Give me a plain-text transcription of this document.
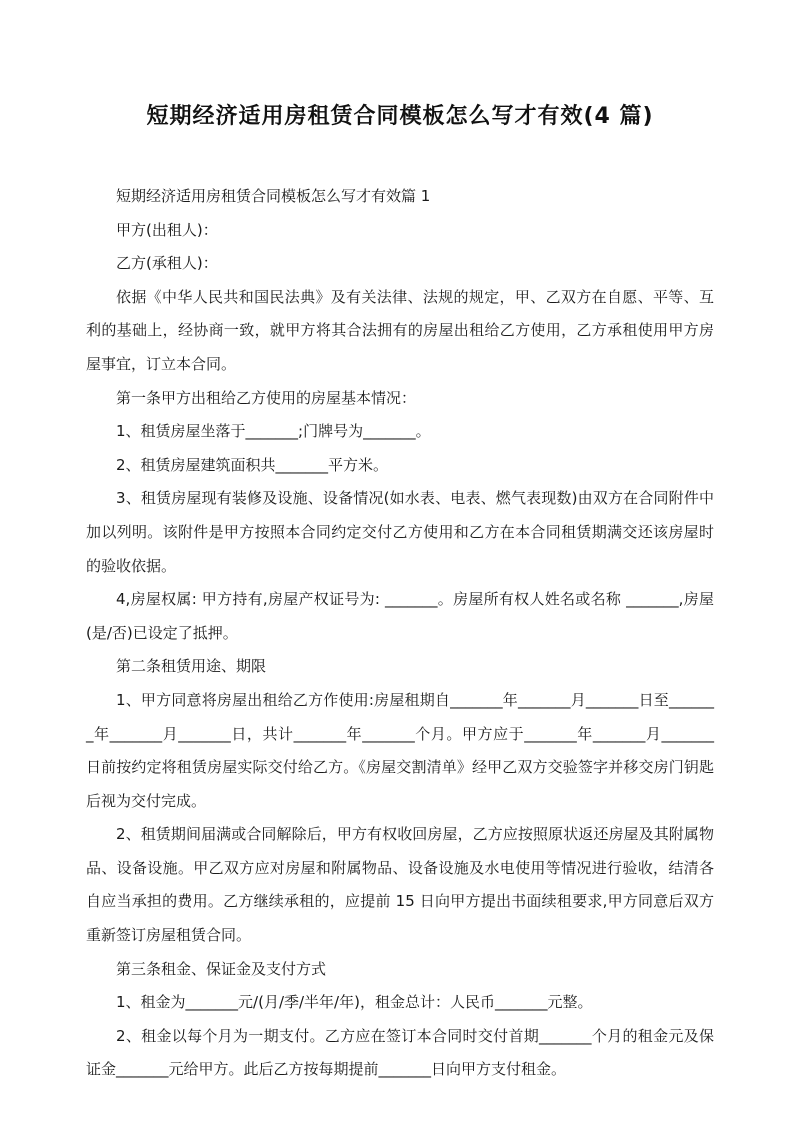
短期经济适用房租赁合同模板怎么写才有效(4 篇)

短期经济适用房租赁合同模板怎么写才有效篇 1

甲方(出租人)：

乙方(承租人)：

依据《中华人民共和国民法典》及有关法律、法规的规定，甲、乙双方在自愿、平等、互利的基础上，经协商一致，就甲方将其合法拥有的房屋出租给乙方使用，乙方承租使用甲方房屋事宜，订立本合同。

第一条甲方出租给乙方使用的房屋基本情况：

1、租赁房屋坐落于_______;门牌号为_______。

2、租赁房屋建筑面积共_______平方米。

3、租赁房屋现有装修及设施、设备情况(如水表、电表、燃气表现数)由双方在合同附件中加以列明。该附件是甲方按照本合同约定交付乙方使用和乙方在本合同租赁期满交还该房屋时的验收依据。

4,房屋权属: 甲方持有,房屋产权证号为: _______。房屋所有权人姓名或名称 _______,房屋(是/否)已设定了抵押。

第二条租赁用途、期限

1、甲方同意将房屋出租给乙方作使用:房屋租期自_______年_______月_______日至_______年_______月_______日，共计_______年_______个月。甲方应于_______年_______月_______日前按约定将租赁房屋实际交付给乙方。《房屋交割清单》经甲乙双方交验签字并移交房门钥匙后视为交付完成。

2、租赁期间届满或合同解除后，甲方有权收回房屋，乙方应按照原状返还房屋及其附属物品、设备设施。甲乙双方应对房屋和附属物品、设备设施及水电使用等情况进行验收，结清各自应当承担的费用。乙方继续承租的，应提前 15 日向甲方提出书面续租要求,甲方同意后双方重新签订房屋租赁合同。

第三条租金、保证金及支付方式

1、租金为_______元/(月/季/半年/年)，租金总计：人民币_______元整。

2、租金以每个月为一期支付。乙方应在签订本合同时交付首期_______个月的租金元及保证金_______元给甲方。此后乙方按每期提前_______日向甲方支付租金。
